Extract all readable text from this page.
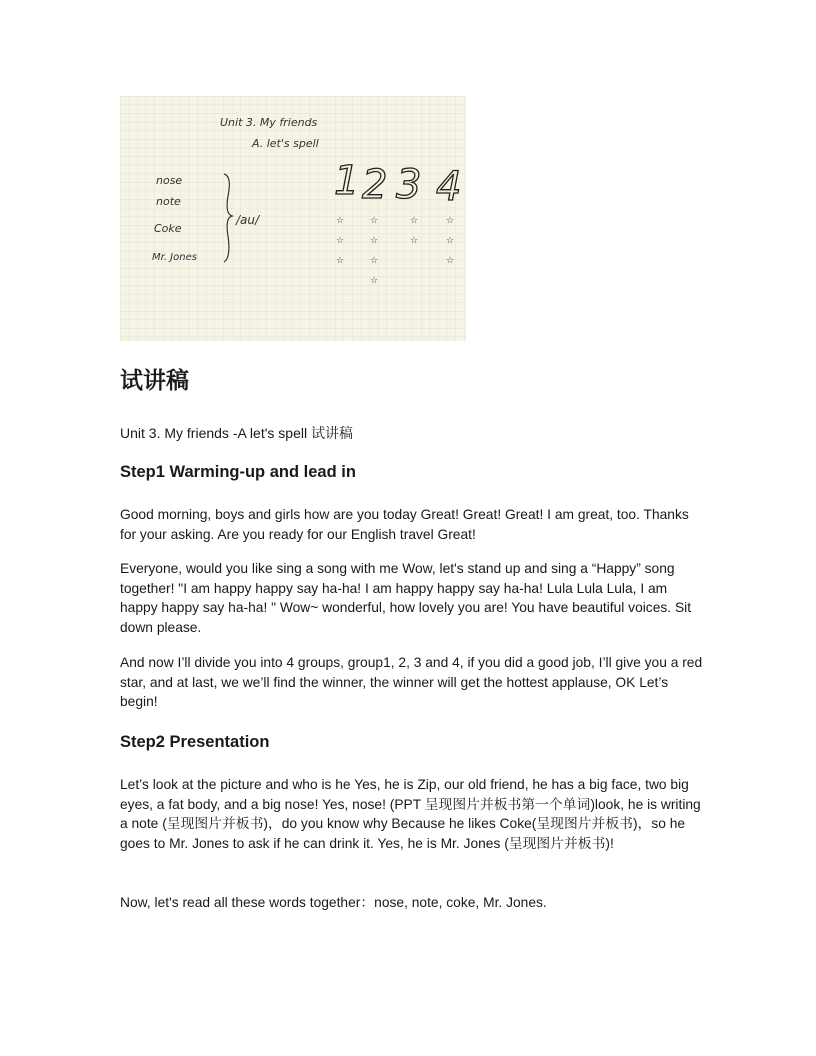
Unit 3. My friends
A. let's spell
nose
note
Coke
Mr. Jones
/au/
1 2 3 4
☆
☆
☆
☆
☆
☆
☆
☆
☆
☆
☆
☆
试讲稿

Unit 3. My friends -A let's spell 试讲稿

Step1 Warming-up and lead in

Good morning, boys and girls how are you today Great! Great! Great! I am great, too. Thanks for your asking. Are you ready for our English travel Great!

Everyone, would you like sing a song with me Wow, let's stand up and sing a “Happy” song together! "I am happy happy say ha-ha! I am happy happy say ha-ha! Lula Lula Lula, I am happy happy say ha-ha! " Wow~ wonderful, how lovely you are! You have beautiful voices. Sit down please.

And now I’ll divide you into 4 groups, group1, 2, 3 and 4, if you did a good job, I’ll give you a red star, and at last, we we’ll find the winner, the winner will get the hottest applause, OK Let’s begin!

Step2 Presentation

Let’s look at the picture and who is he Yes, he is Zip, our old friend, he has a big face, two big eyes, a fat body, and a big nose! Yes, nose! (PPT 呈现图片并板书第一个单词)look, he is writing a note (呈现图片并板书)，do you know why Because he likes Coke(呈现图片并板书)，so he goes to Mr. Jones to ask if he can drink it. Yes, he is Mr. Jones (呈现图片并板书)!

Now, let's read all these words together：nose, note, coke, Mr. Jones.
